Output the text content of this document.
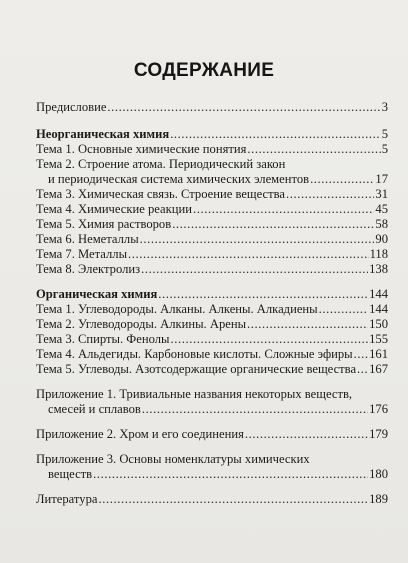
СОДЕРЖАНИЕ
Предисловие .....	3
Неорганическая химия .....	5
Тема 1. Основные химические понятия .....	5
Тема 2. Строение атома. Периодический закон
и периодическая система химических элементов .....	17
Тема 3. Химическая связь. Строение вещества .....	31
Тема 4. Химические реакции .....	45
Тема 5. Химия растворов .....	58
Тема 6. Неметаллы .....	90
Тема 7. Металлы .....	118
Тема 8. Электролиз .....	138
Органическая химия .....	144
Тема 1. Углеводороды. Алканы. Алкены. Алкадиены .....	144
Тема 2. Углеводороды. Алкины. Арены .....	150
Тема 3. Спирты. Фенолы .....	155
Тема 4. Альдегиды. Карбоновые кислоты. Сложные эфиры ..... 161
Тема 5. Углеводы. Азотсодержащие органические вещества ..... 167
Приложение 1. Тривиальные названия некоторых веществ,
смесей и сплавов .....	176
Приложение 2. Хром и его соединения .....	179
Приложение 3. Основы номенклатуры химических
веществ .....	180
Литература .....	189
